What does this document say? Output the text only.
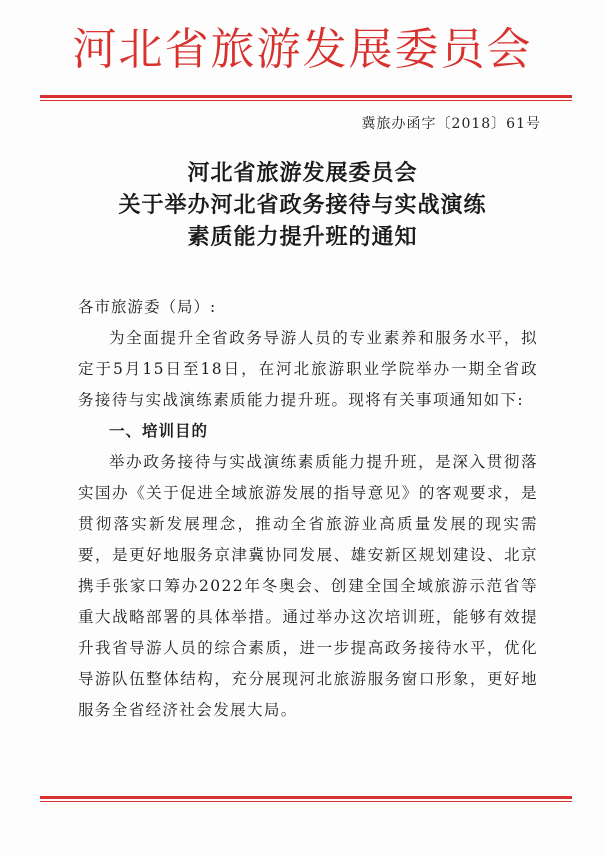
河北省旅游发展委员会
冀旅办函字〔2018〕61号
河北省旅游发展委员会
关于举办河北省政务接待与实战演练
素质能力提升班的通知
各市旅游委（局）:
为全面提升全省政务导游人员的专业素养和服务水平，拟定于5月15日至18日，在河北旅游职业学院举办一期全省政务接待与实战演练素质能力提升班。现将有关事项通知如下:
一、培训目的
举办政务接待与实战演练素质能力提升班，是深入贯彻落实国办《关于促进全域旅游发展的指导意见》的客观要求，是贯彻落实新发展理念，推动全省旅游业高质量发展的现实需要，是更好地服务京津冀协同发展、雄安新区规划建设、北京携手张家口筹办2022年冬奥会、创建全国全域旅游示范省等重大战略部署的具体举措。通过举办这次培训班，能够有效提升我省导游人员的综合素质，进一步提高政务接待水平，优化导游队伍整体结构，充分展现河北旅游服务窗口形象，更好地服务全省经济社会发展大局。
